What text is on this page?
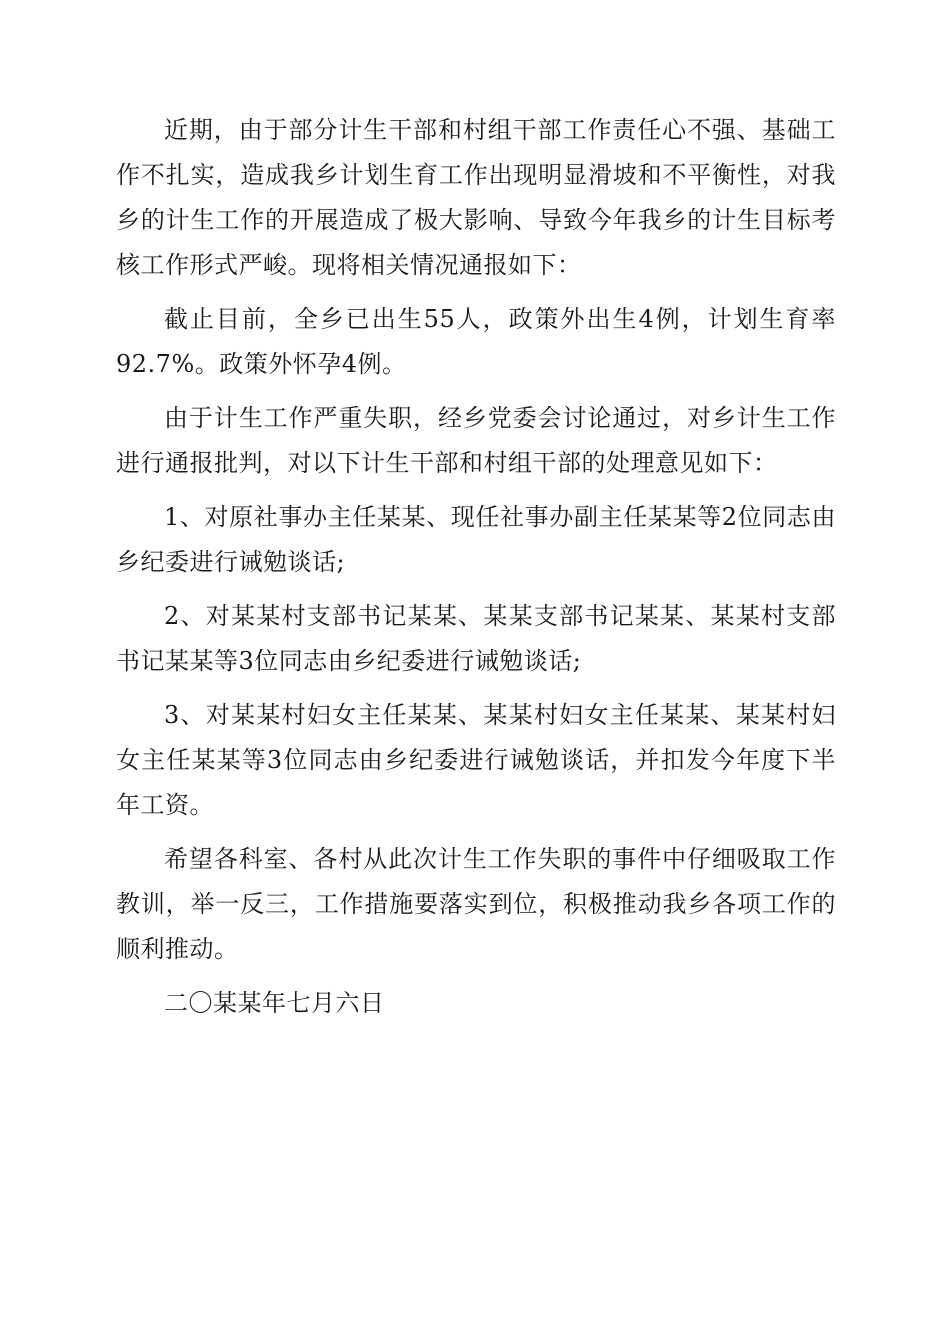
近期，由于部分计生干部和村组干部工作责任心不强、基础工作不扎实，造成我乡计划生育工作出现明显滑坡和不平衡性，对我乡的计生工作的开展造成了极大影响、导致今年我乡的计生目标考核工作形式严峻。现将相关情况通报如下：

截止目前，全乡已出生55人，政策外出生4例，计划生育率92.7%。政策外怀孕4例。

由于计生工作严重失职，经乡党委会讨论通过，对乡计生工作进行通报批判，对以下计生干部和村组干部的处理意见如下：

1、对原社事办主任某某、现任社事办副主任某某等2位同志由乡纪委进行诫勉谈话;

2、对某某村支部书记某某、某某支部书记某某、某某村支部书记某某等3位同志由乡纪委进行诫勉谈话;

3、对某某村妇女主任某某、某某村妇女主任某某、某某村妇女主任某某等3位同志由乡纪委进行诫勉谈话，并扣发今年度下半年工资。

希望各科室、各村从此次计生工作失职的事件中仔细吸取工作教训，举一反三，工作措施要落实到位，积极推动我乡各项工作的顺利推动。

二〇某某年七月六日
